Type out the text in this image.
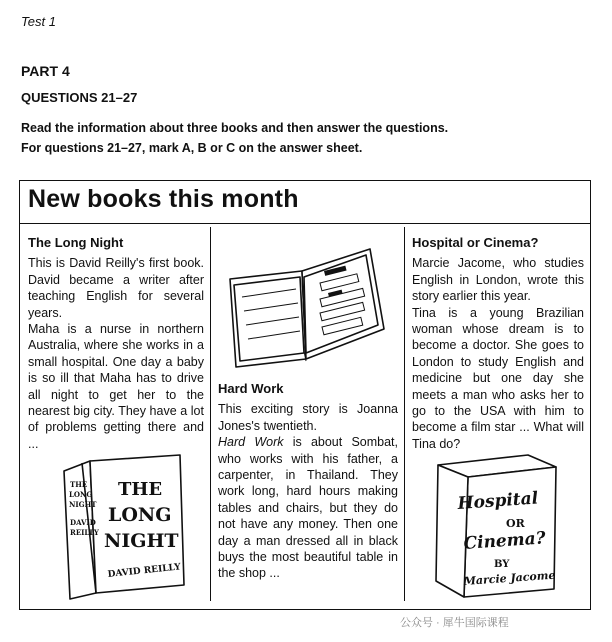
Test 1
PART 4
QUESTIONS 21–27
Read the information about three books and then answer the questions.
For questions 21–27, mark A, B or C on the answer sheet.
New books this month
The Long Night

This is David Reilly's first book. David became a writer after teaching English for several years.

Maha is a nurse in northern Australia, where she works in a small hospital. One day a baby is so ill that Maha has to drive all night to get her to the nearest big city. They have a lot of problems getting there and ...

Hard Work

This exciting story is Joanna Jones's twentieth.

Hard Work is about Sombat, who works with his father, a carpenter, in Thailand. They work long, hard hours making tables and chairs, but they do not have any money. Then one day a man dressed all in black buys the most beautiful table in the shop ...

Hospital or Cinema?

Marcie Jacome, who studies English in London, wrote this story earlier this year.

Tina is a young Brazilian woman whose dream is to become a doctor. She goes to London to study English and medicine but one day she meets a man who asks her to go to the USA with him to become a film star ... What will Tina do?

THE
LONG
NIGHT
DAVID
REILLY
THE
LONG
NIGHT
DAVID REILLY
Hospital
OR
Cinema?
BY
Marcie Jacome
公众号 · 犀牛国际课程
